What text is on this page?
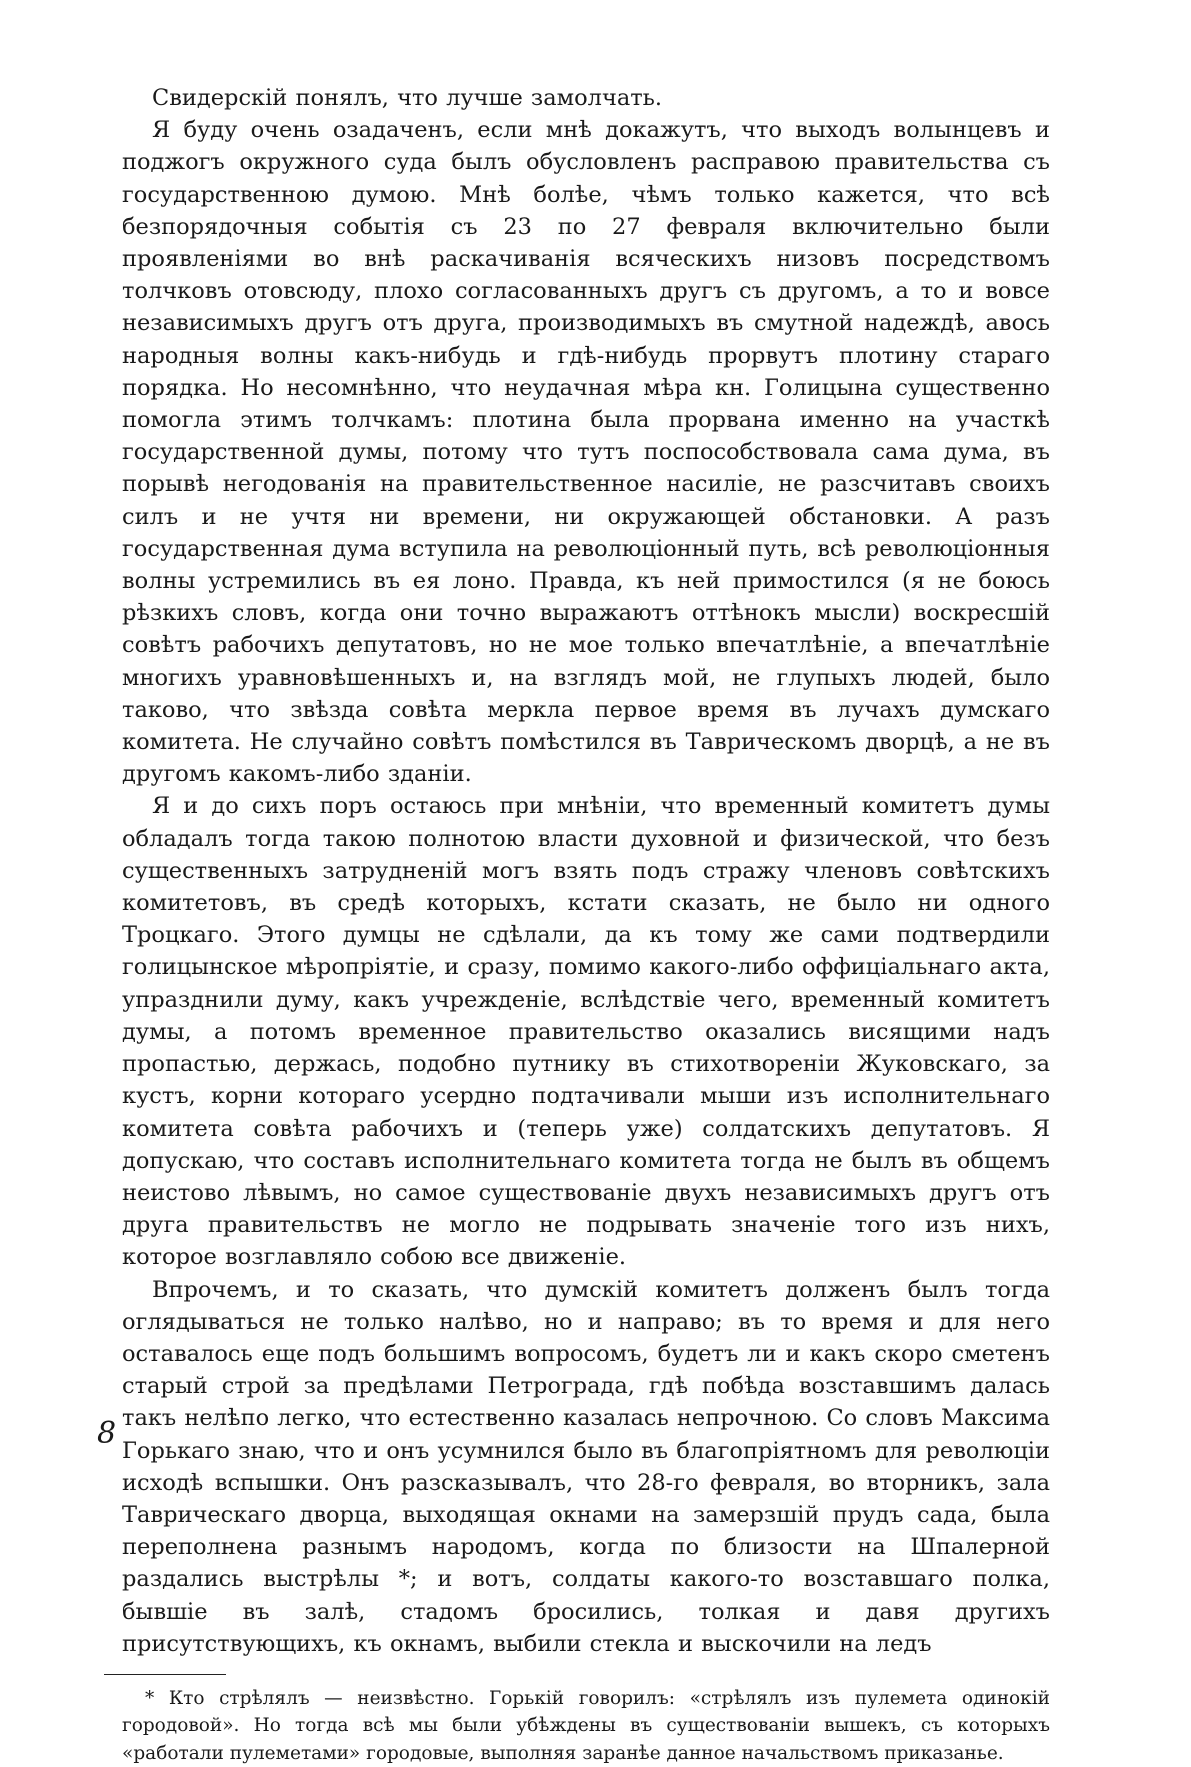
Свидерскій понялъ, что лучше замолчать.

Я буду очень озадаченъ, если мнѣ докажутъ, что выходъ волынцевъ и поджогъ окружного суда былъ обусловленъ расправою правительства съ государственною думою. Мнѣ болѣе, чѣмъ только кажется, что всѣ безпорядочныя событія съ 23 по 27 февраля включительно были проявленіями во внѣ раскачиванія всяческихъ низовъ посредствомъ толчковъ отовсюду, плохо согласованныхъ другъ съ другомъ, а то и вовсе независимыхъ другъ отъ друга, производимыхъ въ смутной надеждѣ, авось народныя волны какъ-нибудь и гдѣ-нибудь прорвутъ плотину стараго порядка. Но несомнѣнно, что неудачная мѣра кн. Голицына существенно помогла этимъ толчкамъ: плотина была прорвана именно на участкѣ государственной думы, потому что тутъ поспособствовала сама дума, въ порывѣ негодованія на правительственное насиліе, не разсчитавъ своихъ силъ и не учтя ни времени, ни окружающей обстановки. А разъ государственная дума вступила на революціонный путь, всѣ революціонныя волны устремились въ ея лоно. Правда, къ ней примостился (я не боюсь рѣзкихъ словъ, когда они точно выражаютъ оттѣнокъ мысли) воскресшій совѣтъ рабочихъ депутатовъ, но не мое только впечатлѣніе, а впечатлѣніе многихъ уравновѣшенныхъ и, на взглядъ мой, не глупыхъ людей, было таково, что звѣзда совѣта меркла первое время въ лучахъ думскаго комитета. Не случайно совѣтъ помѣстился въ Таврическомъ дворцѣ, а не въ другомъ какомъ-либо зданіи.

Я и до сихъ поръ остаюсь при мнѣніи, что временный комитетъ думы обладалъ тогда такою полнотою власти духовной и физической, что безъ существенныхъ затрудненій могъ взять подъ стражу членовъ совѣтскихъ комитетовъ, въ средѣ которыхъ, кстати сказать, не было ни одного Троцкаго. Этого думцы не сдѣлали, да къ тому же сами подтвердили голицынское мѣропріятіе, и сразу, помимо какого-либо оффиціальнаго акта, упразднили думу, какъ учрежденіе, вслѣдствіе чего, временный комитетъ думы, а потомъ временное правительство оказались висящими надъ пропастью, держась, подобно путнику въ стихотвореніи Жуковскаго, за кустъ, корни котораго усердно подтачивали мыши изъ исполнительнаго комитета совѣта рабочихъ и (теперь уже) солдатскихъ депутатовъ. Я допускаю, что составъ исполнительнаго комитета тогда не былъ въ общемъ неистово лѣвымъ, но самое существованіе двухъ независимыхъ другъ отъ друга правительствъ не могло не подрывать значеніе того изъ нихъ, которое возглавляло собою все движеніе.

Впрочемъ, и то сказать, что думскій комитетъ долженъ былъ тогда оглядываться не только налѣво, но и направо; въ то время и для него оставалось еще подъ большимъ вопросомъ, будетъ ли и какъ скоро сметенъ старый строй за предѣлами Петрограда, гдѣ побѣда возставшимъ далась такъ нелѣпо легко, что естественно казалась непрочною. Со словъ Максима Горькаго знаю, что и онъ усумнился было въ благопріятномъ для революціи исходѣ вспышки. Онъ разсказывалъ, что 28-го февраля, во вторникъ, зала Таврическаго дворца, выходящая окнами на замерзшій прудъ сада, была переполнена разнымъ народомъ, когда по близости на Шпалерной раздались выстрѣлы *; и вотъ, солдаты какого-то возставшаго полка, бывшіе въ залѣ, стадомъ бросились, толкая и давя другихъ присутствующихъ, къ окнамъ, выбили стекла и выскочили на ледъ

* Кто стрѣлялъ — неизвѣстно. Горькій говорилъ: «стрѣлялъ изъ пулемета одинокій городовой». Но тогда всѣ мы были убѣждены въ существованіи вышекъ, съ которыхъ «работали пулеметами» городовые, выполняя заранѣе данное начальствомъ приказанье.

8
